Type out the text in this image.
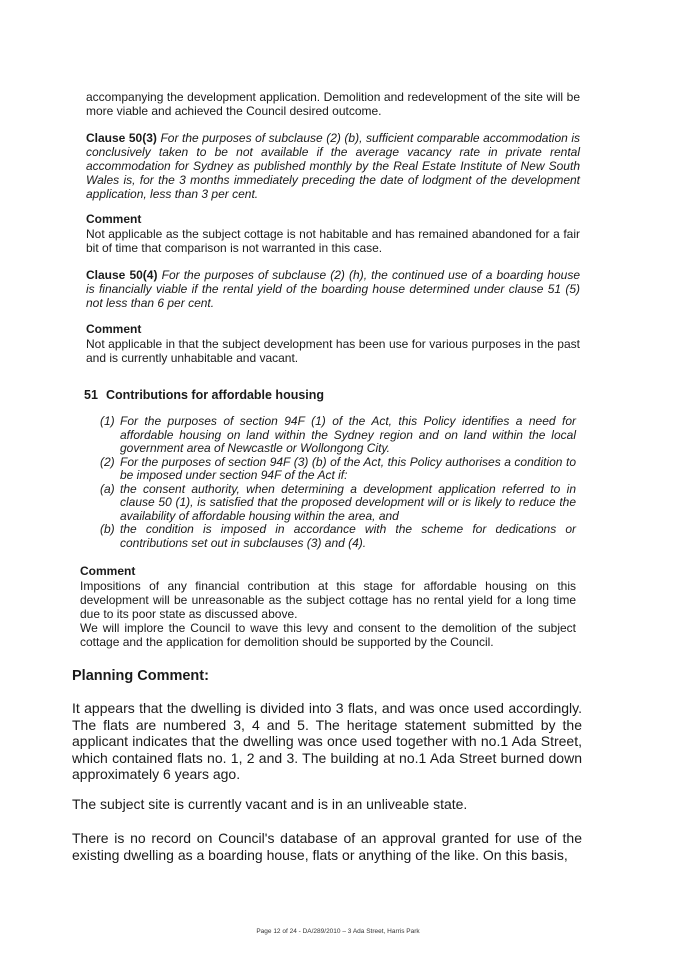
accompanying the development application. Demolition and redevelopment of the site will be more viable and achieved the Council desired outcome.
Clause 50(3) For the purposes of subclause (2) (b), sufficient comparable accommodation is conclusively taken to be not available if the average vacancy rate in private rental accommodation for Sydney as published monthly by the Real Estate Institute of New South Wales is, for the 3 months immediately preceding the date of lodgment of the development application, less than 3 per cent.
Comment
Not applicable as the subject cottage is not habitable and has remained abandoned for a fair bit of time that comparison is not warranted in this case.
Clause 50(4) For the purposes of subclause (2) (h), the continued use of a boarding house is financially viable if the rental yield of the boarding house determined under clause 51 (5) not less than 6 per cent.
Comment
Not applicable in that the subject development has been use for various purposes in the past and is currently unhabitable and vacant.
51 Contributions for affordable housing
(1) For the purposes of section 94F (1) of the Act, this Policy identifies a need for affordable housing on land within the Sydney region and on land within the local government area of Newcastle or Wollongong City.
(2) For the purposes of section 94F (3) (b) of the Act, this Policy authorises a condition to be imposed under section 94F of the Act if:
(a) the consent authority, when determining a development application referred to in clause 50 (1), is satisfied that the proposed development will or is likely to reduce the availability of affordable housing within the area, and
(b) the condition is imposed in accordance with the scheme for dedications or contributions set out in subclauses (3) and (4).
Comment
Impositions of any financial contribution at this stage for affordable housing on this development will be unreasonable as the subject cottage has no rental yield for a long time due to its poor state as discussed above.
We will implore the Council to wave this levy and consent to the demolition of the subject cottage and the application for demolition should be supported by the Council.
Planning Comment:
It appears that the dwelling is divided into 3 flats, and was once used accordingly. The flats are numbered 3, 4 and 5. The heritage statement submitted by the applicant indicates that the dwelling was once used together with no.1 Ada Street, which contained flats no. 1, 2 and 3. The building at no.1 Ada Street burned down approximately 6 years ago.
The subject site is currently vacant and is in an unliveable state.
There is no record on Council's database of an approval granted for use of the existing dwelling as a boarding house, flats or anything of the like. On this basis,
Page 12 of 24 - DA/289/2010 – 3 Ada Street, Harris Park
